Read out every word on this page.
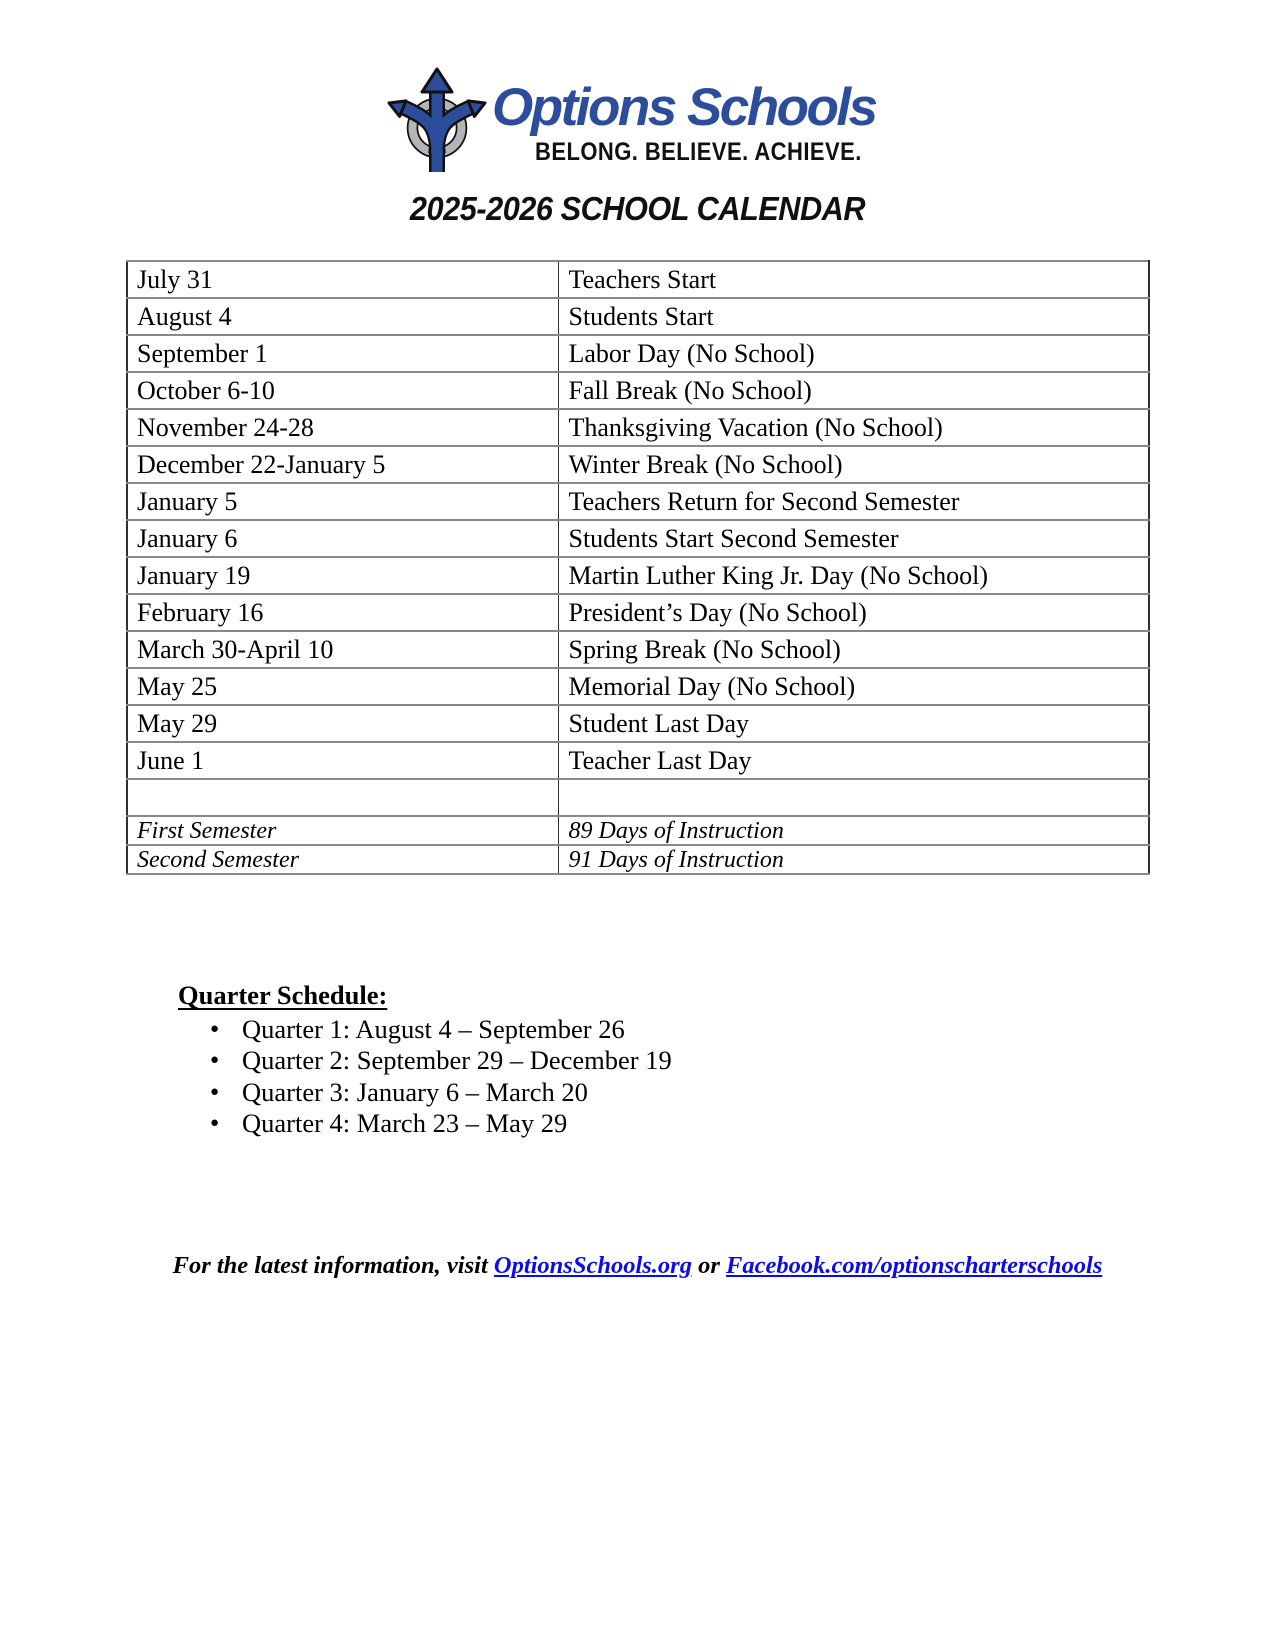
Options Schools
BELONG. BELIEVE. ACHIEVE.
2025-2026 SCHOOL CALENDAR
July 31	Teachers Start
August 4	Students Start
September 1	Labor Day (No School)
October 6-10	Fall Break (No School)
November 24-28	Thanksgiving Vacation (No School)
December 22-January 5	Winter Break (No School)
January 5	Teachers Return for Second Semester
January 6	Students Start Second Semester
January 19	Martin Luther King Jr. Day (No School)
February 16	President’s Day (No School)
March 30-April 10	Spring Break (No School)
May 25	Memorial Day (No School)
May 29	Student Last Day
June 1	Teacher Last Day

First Semester	89 Days of Instruction
Second Semester	91 Days of Instruction
Quarter Schedule:
● Quarter 1: August 4 – September 26
● Quarter 2: September 29 – December 19
● Quarter 3: January 6 – March 20
● Quarter 4: March 23 – May 29
For the latest information, visit OptionsSchools.org or Facebook.com/optionscharterschools
